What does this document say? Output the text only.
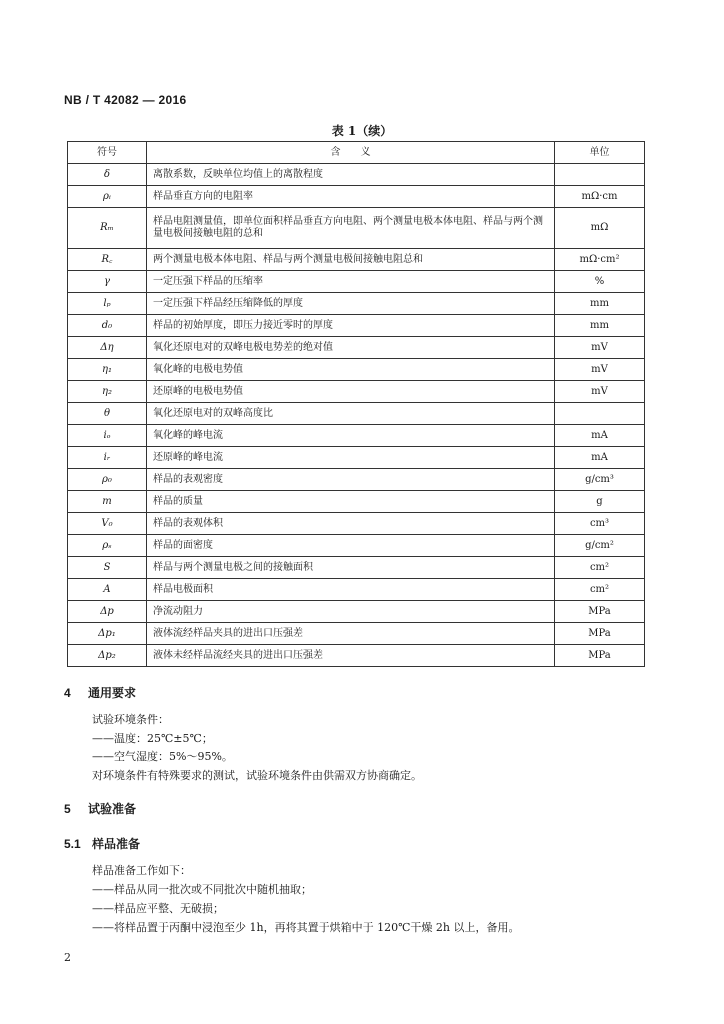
NB / T 42082 — 2016
表 1（续）
符号	含　　义	单位
δ	离散系数，反映单位均值上的离散程度	
ρᵢ	样品垂直方向的电阻率	mΩ·cm
Rₘ	样品电阻测量值，即单位面积样品垂直方向电阻、两个测量电极本体电阻、样品与两个测量电极间接触电阻的总和	mΩ
R꜀	两个测量电极本体电阻、样品与两个测量电极间接触电阻总和	mΩ·cm²
γ	一定压强下样品的压缩率	%
lₚ	一定压强下样品经压缩降低的厚度	mm
d₀	样品的初始厚度，即压力接近零时的厚度	mm
Δη	氧化还原电对的双峰电极电势差的绝对值	mV
η₁	氧化峰的电极电势值	mV
η₂	还原峰的电极电势值	mV
θ	氧化还原电对的双峰高度比	
iₒ	氧化峰的峰电流	mA
iᵣ	还原峰的峰电流	mA
ρ₀	样品的表观密度	g/cm³
m	样品的质量	g
V₀	样品的表观体积	cm³
ρₛ	样品的面密度	g/cm²
S	样品与两个测量电极之间的接触面积	cm²
A	样品电极面积	cm²
Δp	净流动阻力	MPa
Δp₁	液体流经样品夹具的进出口压强差	MPa
Δp₂	液体未经样品流经夹具的进出口压强差	MPa
4 通用要求
试验环境条件：
——温度：25℃±5℃；
——空气湿度：5%～95%。
对环境条件有特殊要求的测试，试验环境条件由供需双方协商确定。
5 试验准备
5.1 样品准备
样品准备工作如下：
——样品从同一批次或不同批次中随机抽取；
——样品应平整、无破损；
——将样品置于丙酮中浸泡至少 1h，再将其置于烘箱中于 120℃干燥 2h 以上，备用。
2
